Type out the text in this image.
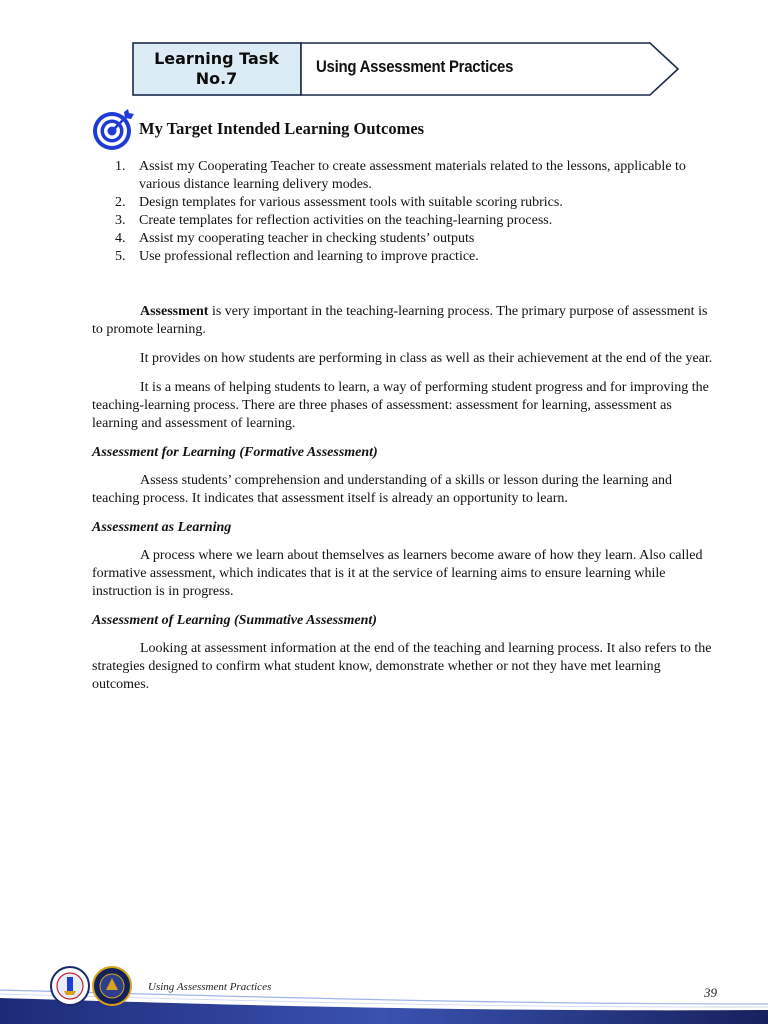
Learning Task
No.7
Using Assessment Practices
My Target Intended Learning Outcomes
1. Assist my Cooperating Teacher to create assessment materials related to the lessons, applicable to various distance learning delivery modes.
2. Design templates for various assessment tools with suitable scoring rubrics.
3. Create templates for reflection activities on the teaching-learning process.
4. Assist my cooperating teacher in checking students’ outputs
5. Use professional reflection and learning to improve practice.

Assessment is very important in the teaching-learning process. The primary purpose of assessment is to promote learning.

It provides on how students are performing in class as well as their achievement at the end of the year.

It is a means of helping students to learn, a way of performing student progress and for improving the teaching-learning process. There are three phases of assessment: assessment for learning, assessment as learning and assessment of learning.

Assessment for Learning (Formative Assessment)

Assess students’ comprehension and understanding of a skills or lesson during the learning and teaching process. It indicates that assessment itself is already an opportunity to learn.

Assessment as Learning

A process where we learn about themselves as learners become aware of how they learn. Also called formative assessment, which indicates that is it at the service of learning aims to ensure learning while instruction is in progress.

Assessment of Learning (Summative Assessment)

Looking at assessment information at the end of the teaching and learning process. It also refers to the strategies designed to confirm what student know, demonstrate whether or not they have met learning outcomes.

Using Assessment Practices	39
